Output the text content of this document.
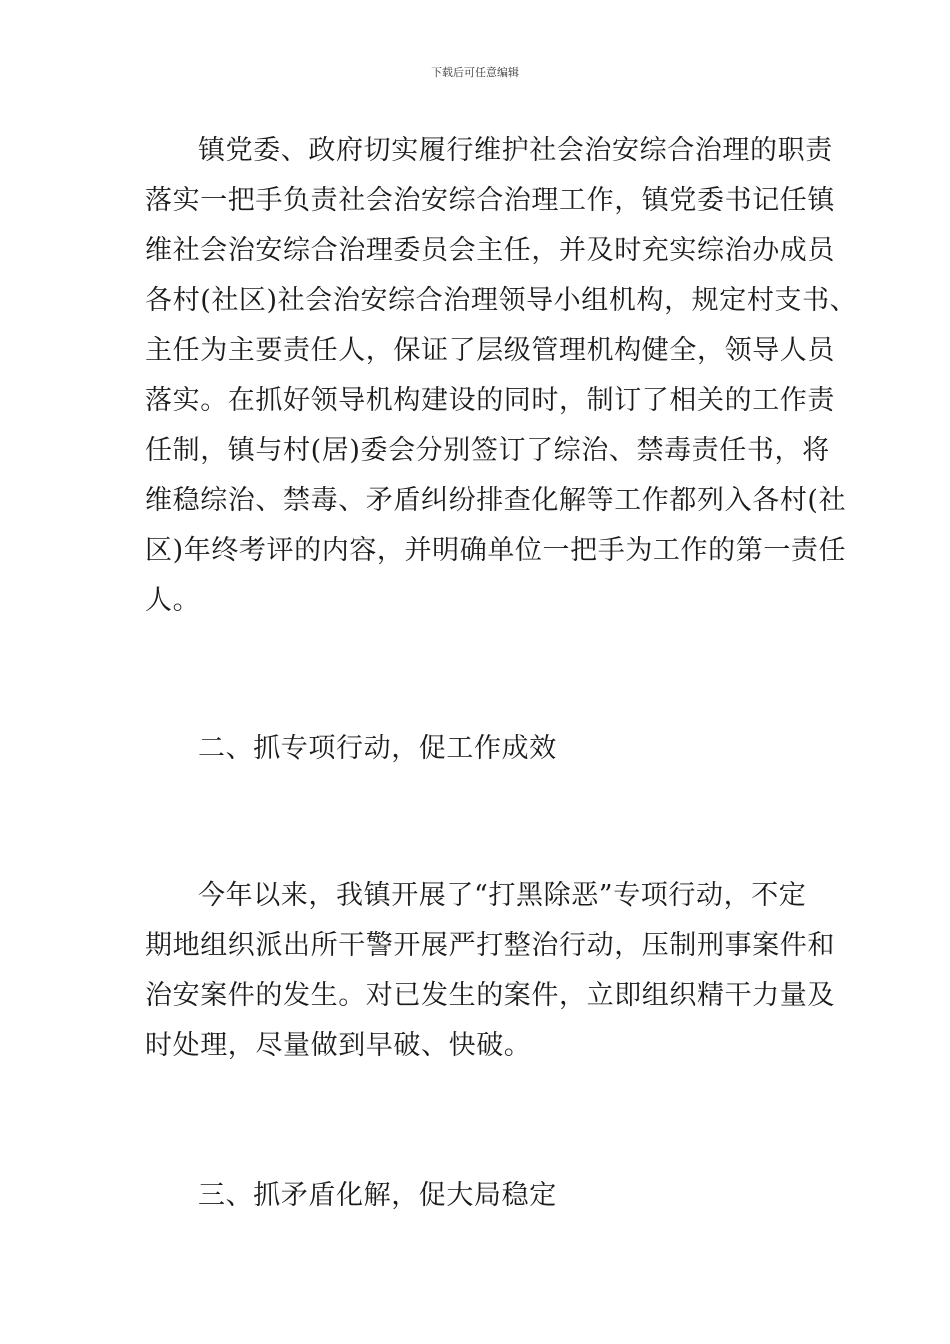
下载后可任意编辑
镇党委、政府切实履行维护社会治安综合治理的职责
落实一把手负责社会治安综合治理工作，镇党委书记任镇
维社会治安综合治理委员会主任，并及时充实综治办成员
各村(社区)社会治安综合治理领导小组机构，规定村支书、
主任为主要责任人，保证了层级管理机构健全，领导人员
落实。在抓好领导机构建设的同时，制订了相关的工作责
任制，镇与村(居)委会分别签订了综治、禁毒责任书，将
维稳综治、禁毒、矛盾纠纷排查化解等工作都列入各村(社
区)年终考评的内容，并明确单位一把手为工作的第一责任
人。
二、抓专项行动，促工作成效
今年以来，我镇开展了“打黑除恶”专项行动，不定
期地组织派出所干警开展严打整治行动，压制刑事案件和
治安案件的发生。对已发生的案件，立即组织精干力量及
时处理，尽量做到早破、快破。
三、抓矛盾化解，促大局稳定
